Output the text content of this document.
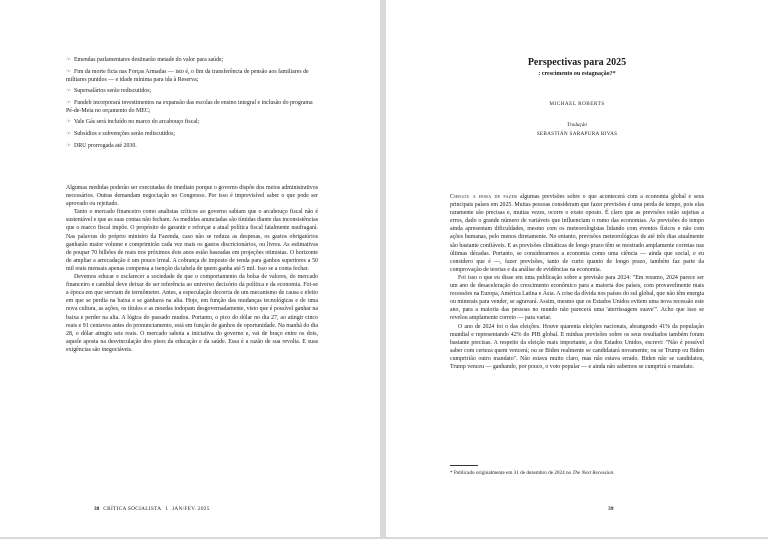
☞ Emendas parlamentares destinarão metade do valor para saúde;
☞ Fim da morte ficta nas Forças Armadas — isto é, o fim da transferência de pensão aos familiares de militares punidos — e idade mínima para ida à Reserva;
☞ Supersalários serão rediscutidos;
☞ Fundeb incorporará investimentos na expansão das escolas de ensino integral e inclusão do programa Pé-de-Meia no orçamento do MEC;
☞ Vale Gás será incluído no marco do arcabouço fiscal;
☞ Subsídios e subvenções serão rediscutidos;
☞ DRU prorrogada até 2030.

Algumas medidas poderão ser executadas de imediato porque o governo dispõe dos meios administrativos necessários. Outras demandam negociação no Congresso. Por isso é imprevisível saber o que pode ser aprovado ou rejeitado.

Tanto o mercado financeiro como analistas críticos ao governo sabiam que o arcabouço fiscal não é sustentável e que as suas contas não fecham. As medidas anunciadas são tímidas diante das inconsistências que o marco fiscal impõe. O propósito de garantir e reforçar a atual política fiscal fatalmente naufragará. Nas palavras do próprio ministro da Fazenda, caso não se reduza as despesas, os gastos obrigatórios ganharão maior volume e comprimirão cada vez mais os gastos discricionários, ou livres. As estimativas de poupar 70 bilhões de reais nos próximos dois anos estão baseadas em projeções otimistas. O horizonte de ampliar a arrecadação é um pouco irreal. A cobrança de imposto de renda para ganhos superiores a 50 mil reais mensais apenas compensa a isenção da tabela de quem ganha até 5 mil. Isso se a conta fechar.

Devemos educar e esclarecer a sociedade de que o comportamento da bolsa de valores, do mercado financeiro e cambial deve deixar de ser referência ao universo decisório da política e da economia. Foi-se a época em que serviam de termômetro. Antes, a especulação decorria de um mecanismo de causa e efeito em que se perdia na baixa e se ganhava na alta. Hoje, em função das mudanças tecnológicas e de uma nova cultura, as ações, os títulos e as moedas todopam desgovernadamente, visto que é possível ganhar na baixa e perder na alta. A lógica do passado mudou. Portanto, o pico do dólar no dia 27, ao atingir cinco reais e 91 centavos antes do pronunciamento, está em função de ganhos de oportunidade. Na manhã do dia 28, o dólar atingiu seis reais. O mercado sabota a iniciativa do governo e, vai de braço entre os dois, aquele aposta na desvinculação dos pisos da educação e da saúde. Essa é a razão de sua revolta. E suas exigências são inegociáveis.

38 CRÍTICA SOCIALISTA 1 JAN/FEV. 2025
Perspectivas para 2025
: crescimento ou estagnação?*
MICHAEL ROBERTS
Tradução
SEBASTIÁN SARAPURA RIVAS

Chegou a hora de fazer algumas previsões sobre o que acontecerá com a economia global e seus principais países em 2025. Muitas pessoas consideram que fazer previsões é uma perda de tempo, pois elas raramente são precisas e, muitas vezes, ocorre o exato oposto. É claro que as previsões estão sujeitas a erros, dado o grande número de variáveis que influenciam o rumo das economias. As previsões do tempo ainda apresentam dificuldades, mesmo com os meteorologistas lidando com eventos físicos e não com ações humanas, pelo menos diretamente. No entanto, previsões meteorológicas de até três dias atualmente são bastante confiáveis. E as previsões climáticas de longo prazo têm se mostrado amplamente corretas nas últimas décadas. Portanto, se considerarmos a economia como uma ciência — ainda que social, e eu considero que é —, fazer previsões, tanto de curto quanto de longo prazo, também faz parte da comprovação de teorias e da análise de evidências na economia.

Foi isso o que eu disse em uma publicação sobre a previsão para 2024: "Em resumo, 2024 parece ser um ano de desaceleração do crescimento econômico para a maioria dos países, com provavelmente mais recessões na Europa, América Latina e Ásia. A crise da dívida nos países do sul global, que não têm energia ou minerais para vender, se agravará. Assim, mesmo que os Estados Unidos evitem uma nova recessão este ano, para a maioria das pessoas no mundo não parecerá uma 'aterrissagem suave'". Acho que isso se revelou amplamente correto — para variar.

O ano de 2024 foi o das eleições. Houve quarenta eleições nacionais, abrangendo 41% da população mundial e representando 42% do PIB global. E minhas previsões sobre os seus resultados também foram bastante precisas. A respeito da eleição mais importante, a dos Estados Unidos, escrevi: "Não é possível saber com certeza quem vencerá; ou se Biden realmente se candidatará novamente; ou se Trump ou Biden cumpririão outro mandato". Não estava muito claro, mas não estava errado. Biden não se candidatou, Trump venceu — ganhando, por pouco, o voto popular — e ainda não sabemos se cumprirá o mandato.

* Publicado originalmente em 31 de dezembro de 2024 no The Next Recession.
39
